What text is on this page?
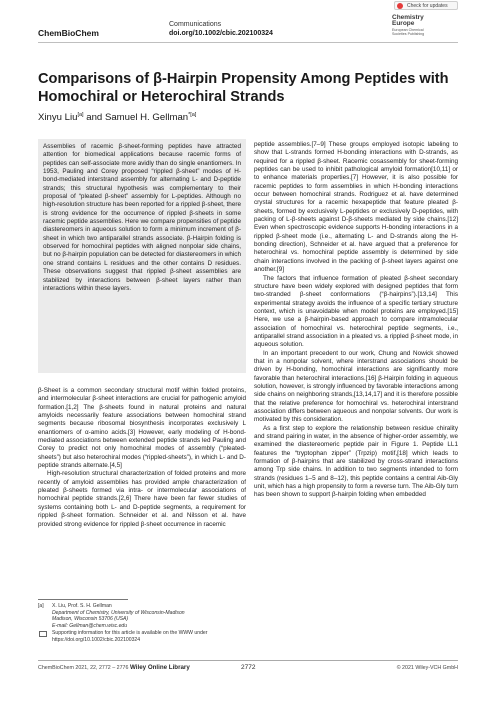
ChemBioChem
Communications
doi.org/10.1002/cbic.202100324
Check for updates
Chemistry
Europe
European Chemical
Societies Publishing
Comparisons of β-Hairpin Propensity Among Peptides with Homochiral or Heterochiral Strands
Xinyu Liu[a] and Samuel H. Gellman$^{*[a]}$

Assemblies of racemic β-sheet-forming peptides have attracted attention for biomedical applications because racemic forms of peptides can self-associate more avidly than do single enantiomers. In 1953, Pauling and Corey proposed “rippled β-sheet” modes of H-bond-mediated interstrand assembly for alternating L- and D-peptide strands; this structural hypothesis was complementary to their proposal of “pleated β-sheet” assembly for L-peptides. Although no high-resolution structure has been reported for a rippled β-sheet, there is strong evidence for the occurrence of rippled β-sheets in some racemic peptide assemblies. Here we compare propensities of peptide diastereomers in aqueous solution to form a minimum increment of β-sheet in which two antiparallel strands associate. β-Hairpin folding is observed for homochiral peptides with aligned nonpolar side chains, but no β-hairpin population can be detected for diastereomers in which one strand contains L residues and the other contains D residues. These observations suggest that rippled β-sheet assemblies are stabilized by interactions between β-sheet layers rather than interactions within these layers.

β-Sheet is a common secondary structural motif within folded proteins, and intermolecular β-sheet interactions are crucial for pathogenic amyloid formation.[1,2] The β-sheets found in natural proteins and natural amyloids necessarily feature associations between homochiral strand segments because ribosomal biosynthesis incorporates exclusively L enantiomers of α-amino acids.[3] However, early modeling of H-bond-mediated associations between extended peptide strands led Pauling and Corey to predict not only homochiral modes of assembly (“pleated-sheets”) but also heterochiral modes (“rippled-sheets”), in which L- and D-peptide strands alternate.[4,5]

High-resolution structural characterization of folded proteins and more recently of amyloid assemblies has provided ample characterization of pleated β-sheets formed via intra- or intermolecular associations of homochiral peptide strands.[2,6] There have been far fewer studies of systems containing both L- and D-peptide segments, a requirement for rippled β-sheet formation. Schneider et al. and Nilsson et al. have provided strong evidence for rippled β-sheet occurrence in racemic

peptide assemblies.[7–9] These groups employed isotopic labeling to show that L-strands formed H-bonding interactions with D-strands, as required for a rippled β-sheet. Racemic cosassembly for sheet-forming peptides can be used to inhibit pathological amyloid formation[10,11] or to enhance materials properties.[7] However, it is also possible for racemic peptides to form assemblies in which H-bonding interactions occur between homochiral strands. Rodriguez et al. have determined crystal structures for a racemic hexapeptide that feature pleated β-sheets, formed by exclusively L-peptides or exclusively D-peptides, with packing of L-β-sheets against D-β-sheets mediated by side chains.[12] Even when spectroscopic evidence supports H-bonding interactions in a rippled β-sheet mode (i.e., alternating L- and D-strands along the H-bonding direction), Schneider et al. have argued that a preference for heterochiral vs. homochiral peptide assembly is determined by side chain interactions involved in the packing of β-sheet layers against one another.[9]

The factors that influence formation of pleated β-sheet secondary structure have been widely explored with designed peptides that form two-stranded β-sheet conformations (“β-hairpins”).[13,14] This experimental strategy avoids the influence of a specific tertiary structure context, which is unavoidable when model proteins are employed.[15] Here, we use a β-hairpin-based approach to compare intramolecular association of homochiral vs. heterochiral peptide segments, i.e., antiparallel strand association in a pleated vs. a rippled β-sheet mode, in aqueous solution.

In an important precedent to our work, Chung and Nowick showed that in a nonpolar solvent, where interstrand associations should be driven by H-bonding, homochiral interactions are significantly more favorable than heterochiral interactions.[16] β-Hairpin folding in aqueous solution, however, is strongly influenced by favorable interactions among side chains on neighboring strands,[13,14,17] and it is therefore possible that the relative preference for homochiral vs. heterochiral interstrand association differs between aqueous and nonpolar solvents. Our work is motivated by this consideration.

As a first step to explore the relationship between residue chirality and strand pairing in water, in the absence of higher-order assembly, we examined the diastereomeric peptide pair in Figure 1. Peptide LL1 features the “tryptophan zipper” (Trpzip) motif,[18] which leads to formation of β-hairpins that are stabilized by cross-strand interactions among Trp side chains. In addition to two segments intended to form strands (residues 1–5 and 8–12), this peptide contains a central Aib-Gly unit, which has a high propensity to form a reverse turn. The Aib-Gly turn has been shown to support β-hairpin folding when embedded

[a] X. Liu, Prof. S. H. Gellman
Department of Chemistry, University of Wisconsin-Madison
Madison, Wisconsin 53706 (USA)
E-mail: Gellman@chem.wisc.edu
Supporting information for this article is available on the WWW under https://doi.org/10.1002/cbic.202100324
ChemBioChem 2021, 22, 2772 – 2776 Wiley Online Library	2772	© 2021 Wiley-VCH GmbH
